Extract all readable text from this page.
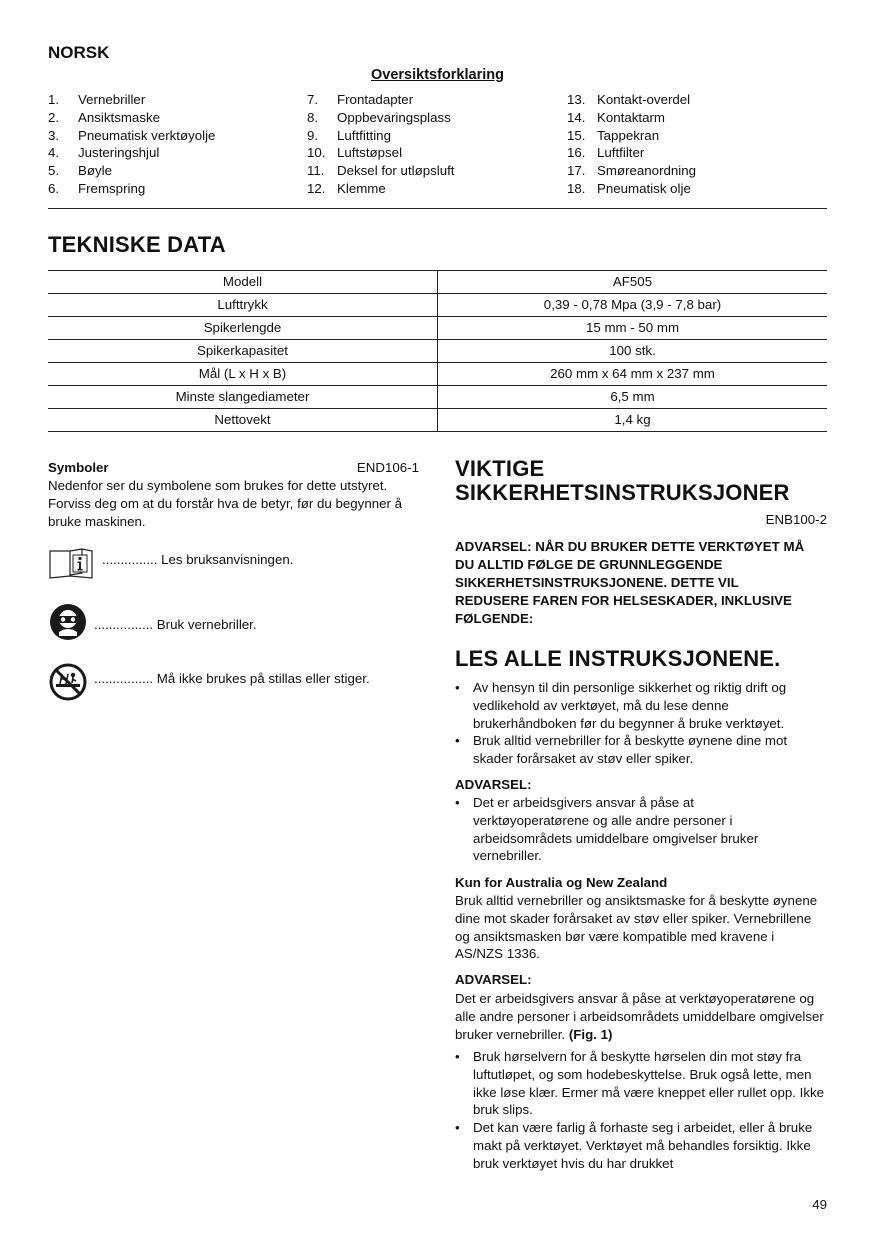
NORSK
Oversiktsforklaring
1.	Vernebriller
2.	Ansiktsmaske
3.	Pneumatisk verktøyolje
4.	Justeringshjul
5.	Bøyle
6.	Fremspring
7.	Frontadapter
8.	Oppbevaringsplass
9.	Luftfitting
10. Luftstøpsel
11. Deksel for utløpsluft
12. Klemme
13. Kontakt-overdel
14. Kontaktarm
15. Tappekran
16. Luftfilter
17. Smøreanordning
18. Pneumatisk olje
TEKNISKE DATA
Modell	AF505
Lufttrykk	0,39 - 0,78 Mpa (3,9 - 7,8 bar)
Spikerlengde	15 mm - 50 mm
Spikerkapasitet	100 stk.
Mål (L x H x B)	260 mm x 64 mm x 237 mm
Minste slangediameter	6,5 mm
Nettovekt	1,4 kg
Symboler	END106-1
Nedenfor ser du symbolene som brukes for dette utstyret. Forviss deg om at du forstår hva de betyr, før du begynner å bruke maskinen.
............... Les bruksanvisningen.
................ Bruk vernebriller.
................ Må ikke brukes på stillas eller stiger.
VIKTIGE
SIKKERHETSINSTRUKSJONER
ENB100-2
ADVARSEL: NÅR DU BRUKER DETTE VERKTØYET MÅ DU ALLTID FØLGE DE GRUNNLEGGENDE SIKKERHETSINSTRUKSJONENE. DETTE VIL REDUSERE FAREN FOR HELSESKADER, INKLUSIVE FØLGENDE:
LES ALLE INSTRUKSJONENE.
•	Av hensyn til din personlige sikkerhet og riktig drift og vedlikehold av verktøyet, må du lese denne brukerhåndboken før du begynner å bruke verktøyet.
•	Bruk alltid vernebriller for å beskytte øynene dine mot skader forårsaket av støv eller spiker.
ADVARSEL:
•	Det er arbeidsgivers ansvar å påse at verktøyoperatørene og alle andre personer i arbeidsområdets umiddelbare omgivelser bruker vernebriller.
Kun for Australia og New Zealand
Bruk alltid vernebriller og ansiktsmaske for å beskytte øynene dine mot skader forårsaket av støv eller spiker. Vernebrillene og ansiktsmasken bør være kompatible med kravene i AS/NZS 1336.
ADVARSEL:
Det er arbeidsgivers ansvar å påse at verktøyoperatørene og alle andre personer i arbeidsområdets umiddelbare omgivelser bruker vernebriller. (Fig. 1)
•	Bruk hørselvern for å beskytte hørselen din mot støy fra luftutløpet, og som hodebeskyttelse. Bruk også lette, men ikke løse klær. Ermer må være kneppet eller rullet opp. Ikke bruk slips.
•	Det kan være farlig å forhaste seg i arbeidet, eller å bruke makt på verktøyet. Verktøyet må behandles forsiktig. Ikke bruk verktøyet hvis du har drukket
49
